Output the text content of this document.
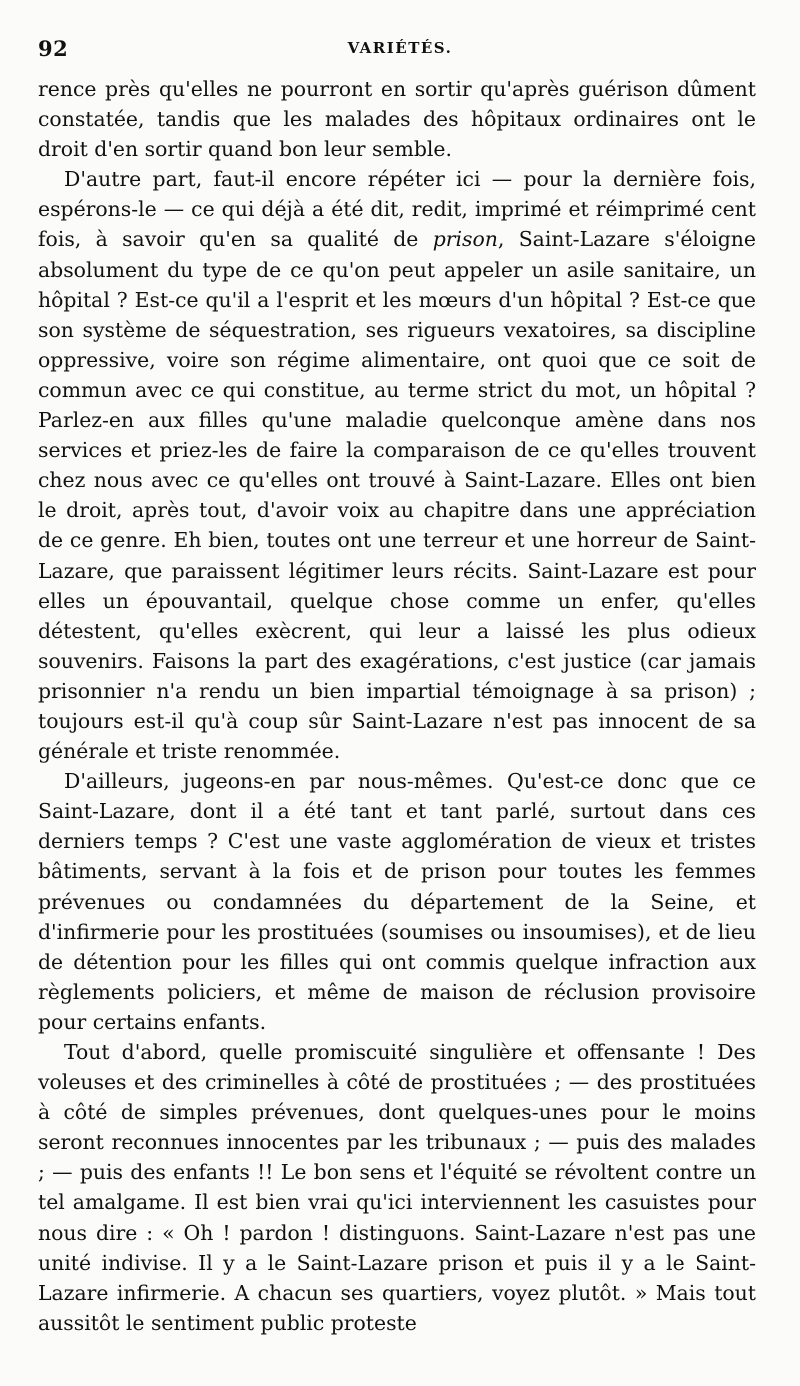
92	VARIÉTÉS.

rence près qu'elles ne pourront en sortir qu'après guérison dûment constatée, tandis que les malades des hôpitaux ordinaires ont le droit d'en sortir quand bon leur semble.

D'autre part, faut-il encore répéter ici — pour la dernière fois, espérons-le — ce qui déjà a été dit, redit, imprimé et réimprimé cent fois, à savoir qu'en sa qualité de prison, Saint-Lazare s'éloigne absolument du type de ce qu'on peut appeler un asile sanitaire, un hôpital ? Est-ce qu'il a l'esprit et les mœurs d'un hôpital ? Est-ce que son système de séquestration, ses rigueurs vexatoires, sa discipline oppressive, voire son régime alimentaire, ont quoi que ce soit de commun avec ce qui constitue, au terme strict du mot, un hôpital ? Parlez-en aux filles qu'une maladie quelconque amène dans nos services et priez-les de faire la comparaison de ce qu'elles trouvent chez nous avec ce qu'elles ont trouvé à Saint-Lazare. Elles ont bien le droit, après tout, d'avoir voix au chapitre dans une appréciation de ce genre. Eh bien, toutes ont une terreur et une horreur de Saint-Lazare, que paraissent légitimer leurs récits. Saint-Lazare est pour elles un épouvantail, quelque chose comme un enfer, qu'elles détestent, qu'elles exècrent, qui leur a laissé les plus odieux souvenirs. Faisons la part des exagérations, c'est justice (car jamais prisonnier n'a rendu un bien impartial témoignage à sa prison) ; toujours est-il qu'à coup sûr Saint-Lazare n'est pas innocent de sa générale et triste renommée.

D'ailleurs, jugeons-en par nous-mêmes. Qu'est-ce donc que ce Saint-Lazare, dont il a été tant et tant parlé, surtout dans ces derniers temps ? C'est une vaste agglomération de vieux et tristes bâtiments, servant à la fois et de prison pour toutes les femmes prévenues ou condamnées du département de la Seine, et d'infirmerie pour les prostituées (soumises ou insoumises), et de lieu de détention pour les filles qui ont commis quelque infraction aux règlements policiers, et même de maison de réclusion provisoire pour certains enfants.

Tout d'abord, quelle promiscuité singulière et offensante ! Des voleuses et des criminelles à côté de prostituées ; — des prostituées à côté de simples prévenues, dont quelques-unes pour le moins seront reconnues innocentes par les tribunaux ; — puis des malades ; — puis des enfants !! Le bon sens et l'équité se révoltent contre un tel amalgame. Il est bien vrai qu'ici interviennent les casuistes pour nous dire : « Oh ! pardon ! distinguons. Saint-Lazare n'est pas une unité indivise. Il y a le Saint-Lazare prison et puis il y a le Saint-Lazare infirmerie. A chacun ses quartiers, voyez plutôt. » Mais tout aussitôt le sentiment public proteste
